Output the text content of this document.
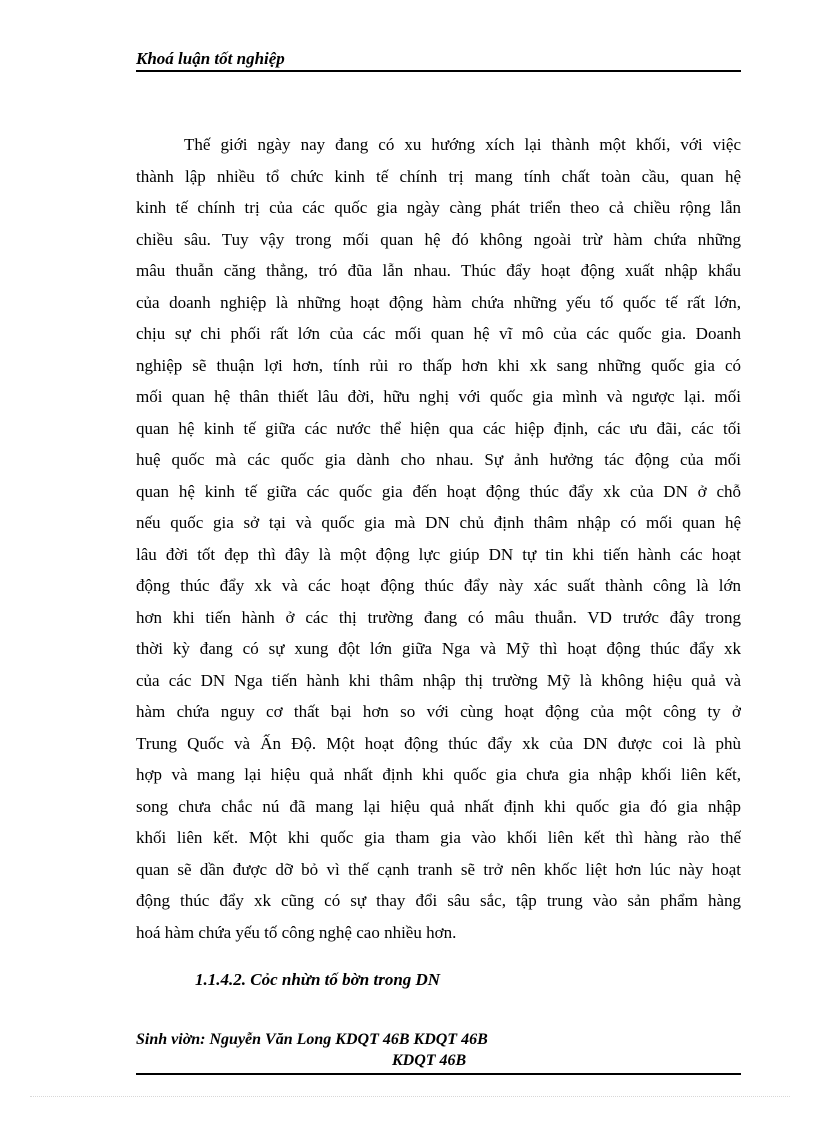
Khoá luận tốt nghiệp
Thế giới ngày nay đang có xu hướng xích lại thành một khối, với việc
thành lập nhiều tổ chức kinh tế chính trị mang tính chất toàn cầu, quan hệ
kinh tế chính trị của các quốc gia ngày càng phát triển theo cả chiều rộng lẫn
chiều sâu. Tuy vậy trong mối quan hệ đó không ngoài trừ hàm chứa những
mâu thuẫn căng thẳng, tró đũa lẫn nhau. Thúc đẩy hoạt động xuất nhập khẩu
của doanh nghiệp là những hoạt động hàm chứa những yếu tố quốc tế rất lớn,
chịu sự chi phối rất lớn của các mối quan hệ vĩ mô của các quốc gia. Doanh
nghiệp sẽ thuận lợi hơn, tính rủi ro thấp hơn khi xk sang những quốc gia có
mối quan hệ thân thiết lâu đời, hữu nghị với quốc gia mình và ngược lại. mối
quan hệ kinh tế giữa các nước thể hiện qua các hiệp định, các ưu đãi, các tối
huệ quốc mà các quốc gia dành cho nhau. Sự ảnh hưởng tác động của mối
quan hệ kinh tế giữa các quốc gia đến hoạt động thúc đẩy xk của DN ở chỗ
nếu quốc gia sở tại và quốc gia mà DN chủ định thâm nhập có mối quan hệ
lâu đời tốt đẹp thì đây là một động lực giúp DN tự tin khi tiến hành các hoạt
động thúc đẩy xk và các hoạt động thúc đẩy này xác suất thành công là lớn
hơn khi tiến hành ở các thị trường đang có mâu thuẫn. VD trước đây trong
thời kỳ đang có sự xung đột lớn giữa Nga và Mỹ thì hoạt động thúc đẩy xk
của các DN Nga tiến hành khi thâm nhập thị trường Mỹ là không hiệu quả và
hàm chứa nguy cơ thất bại hơn so với cùng hoạt động của một công ty ở
Trung Quốc và Ấn Độ. Một hoạt động thúc đẩy xk của DN được coi là phù
hợp và mang lại hiệu quả nhất định khi quốc gia chưa gia nhập khối liên kết,
song chưa chắc nú đã mang lại hiệu quả nhất định khi quốc gia đó gia nhập
khối liên kết. Một khi quốc gia tham gia vào khối liên kết thì hàng rào thế
quan sẽ dần được dỡ bỏ vì thế cạnh tranh sẽ trở nên khốc liệt hơn lúc này hoạt
động thúc đẩy xk cũng có sự thay đổi sâu sắc, tập trung vào sản phẩm hàng
hoá hàm chứa yếu tố công nghệ cao nhiều hơn.
1.1.4.2. Cỏc nhừn tố bờn trong DN
Sinh viờn: Nguyễn Văn Long KDQT 46B KDQT 46B
KDQT 46B
